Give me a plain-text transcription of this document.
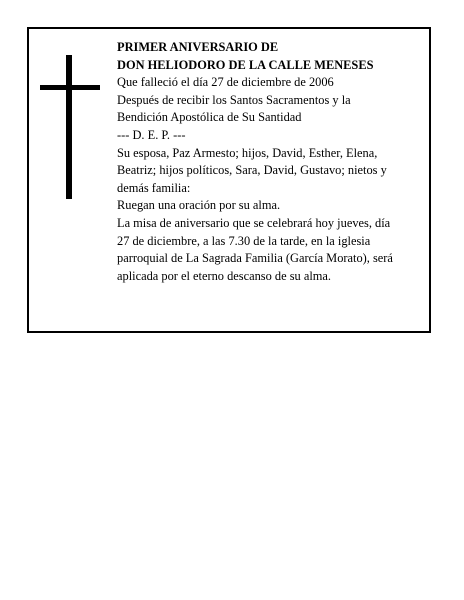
PRIMER ANIVERSARIO DE
DON HELIODORO DE LA CALLE MENESES
Que falleció el día 27 de diciembre de 2006
Después de recibir los Santos Sacramentos y la
Bendición Apostólica de Su Santidad
--- D. E. P. ---
Su esposa, Paz Armesto; hijos, David, Esther, Elena,
Beatriz; hijos políticos, Sara, David, Gustavo; nietos y
demás familia:
Ruegan una oración por su alma.
La misa de aniversario que se celebrará hoy jueves, día
27 de diciembre, a las 7.30 de la tarde, en la iglesia
parroquial de La Sagrada Familia (García Morato), será
aplicada por el eterno descanso de su alma.
